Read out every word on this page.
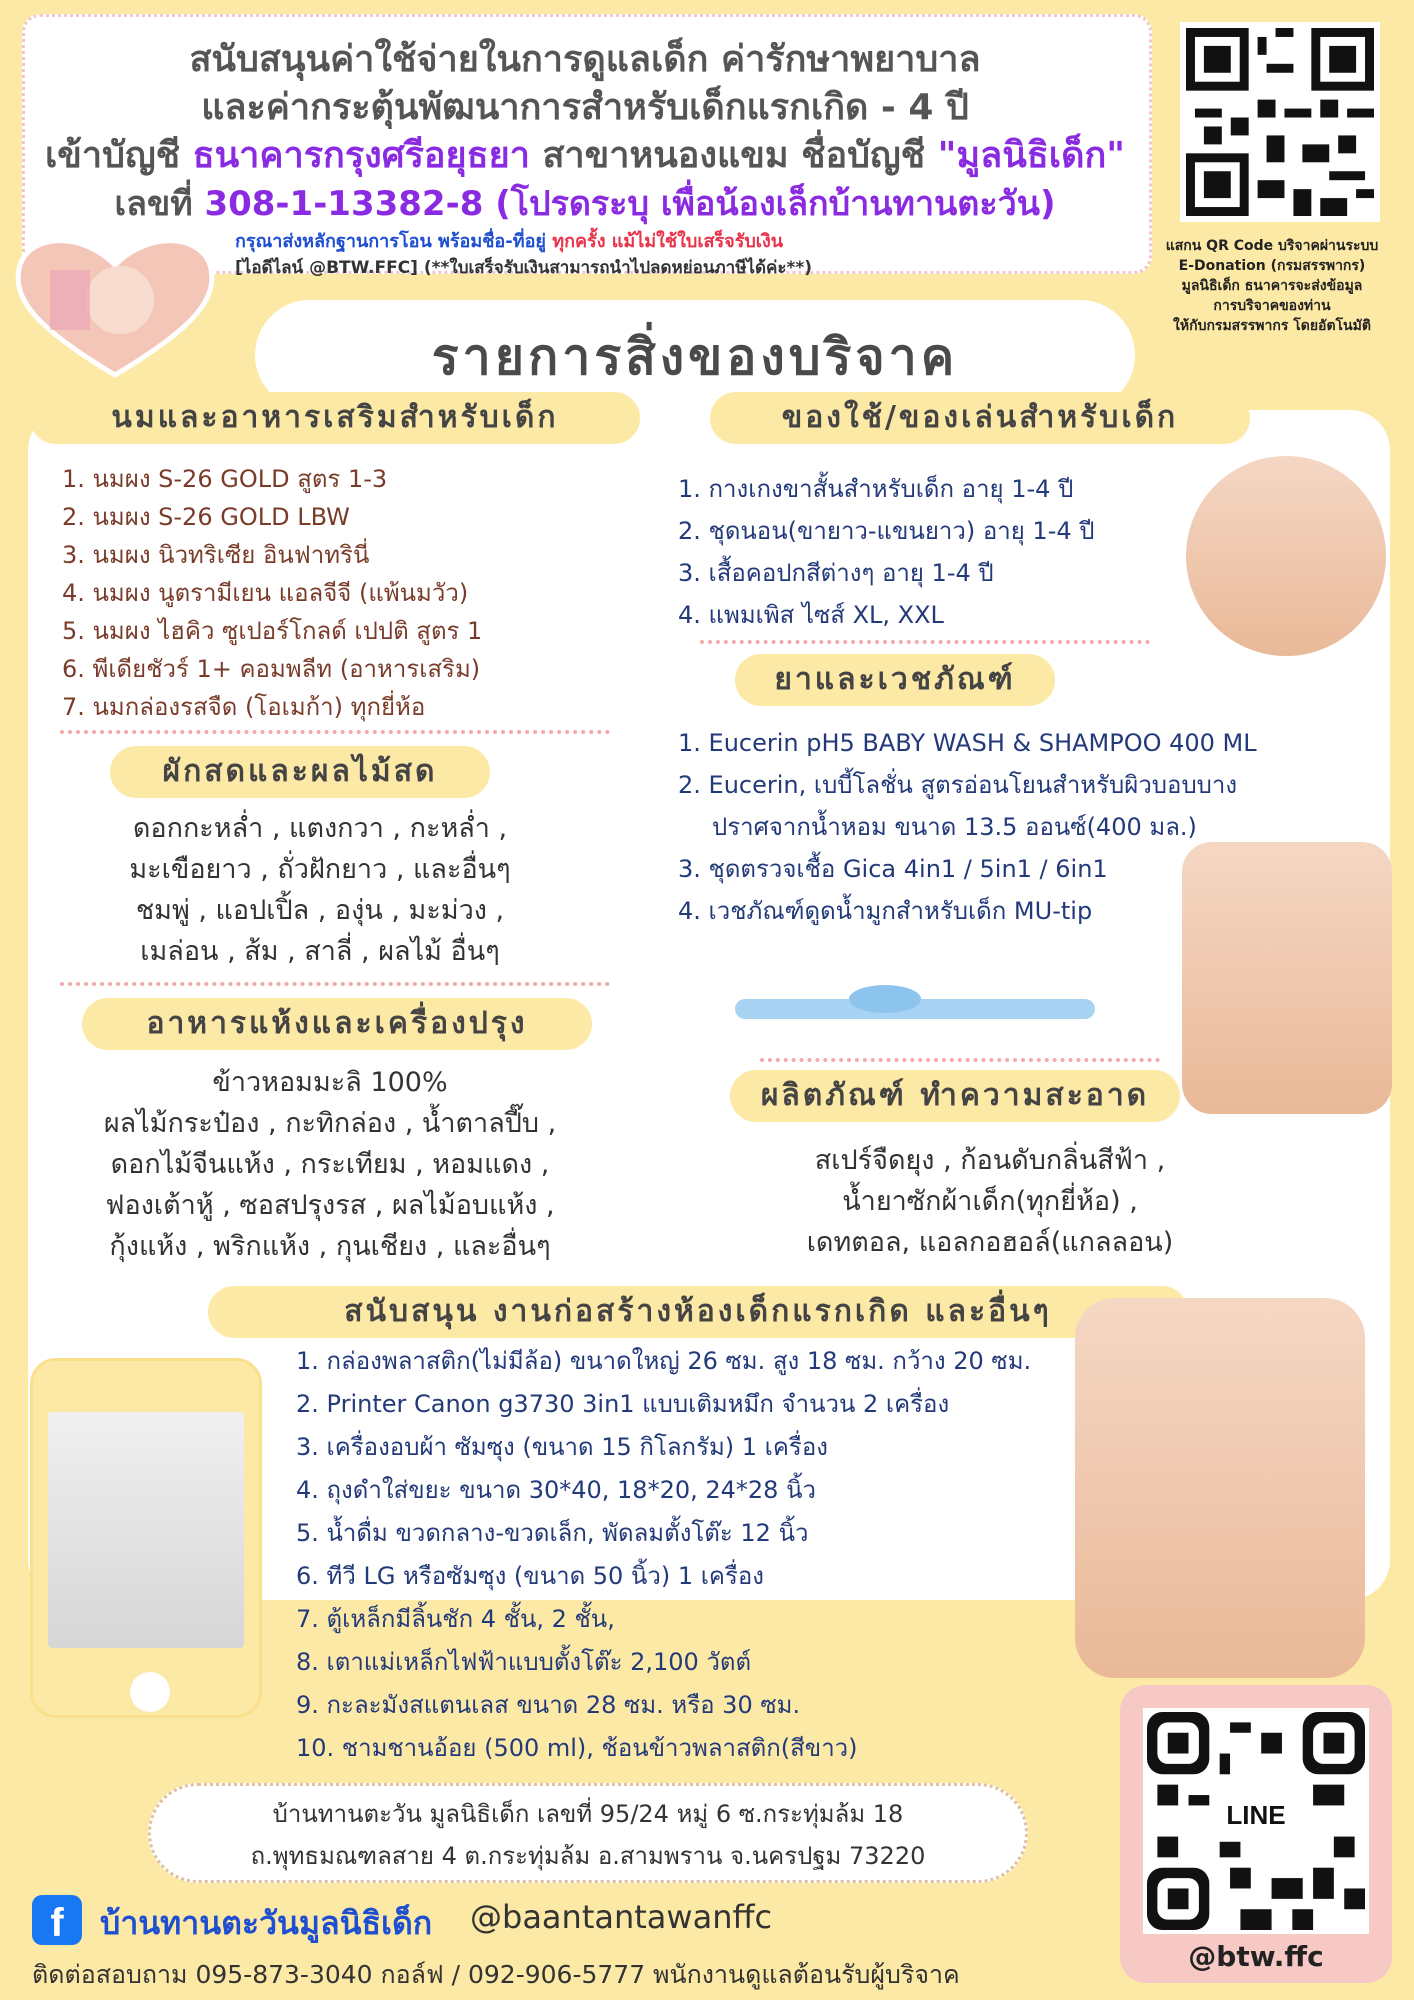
สนับสนุนค่าใช้จ่ายในการดูแลเด็ก ค่ารักษาพยาบาล
และค่ากระตุ้นพัฒนาการสำหรับเด็กแรกเกิด - 4 ปี
เข้าบัญชี ธนาคารกรุงศรีอยุธยา สาขาหนองแขม ชื่อบัญชี "มูลนิธิเด็ก"
เลขที่ 308-1-13382-8 (โปรดระบุ เพื่อน้องเล็กบ้านทานตะวัน)
กรุณาส่งหลักฐานการโอน พร้อมชื่อ-ที่อยู่ ทุกครั้ง แม้ไม่ใช้ใบเสร็จรับเงิน
[ไอดีไลน์ @BTW.FFC] (**ใบเสร็จรับเงินสามารถนำไปลดหย่อนภาษีได้ค่ะ**)
แสกน QR Code บริจาคผ่านระบบ
E-Donation (กรมสรรพากร)
มูลนิธิเด็ก ธนาคารจะส่งข้อมูล
การบริจาคของท่าน
ให้กับกรมสรรพากร โดยอัตโนมัติ
รายการสิ่งของบริจาค
นมและอาหารเสริมสำหรับเด็ก
1. นมผง S-26 GOLD สูตร 1-3
2. นมผง S-26 GOLD LBW
3. นมผง นิวทริเซีย อินฟาทรินี่
4. นมผง นูตรามีเยน แอลจีจี (แพ้นมวัว)
5. นมผง ไฮคิว ซูเปอร์โกลด์ เปปติ สูตร 1
6. พีเดียชัวร์ 1+ คอมพลีท (อาหารเสริม)
7. นมกล่องรสจืด (โอเมก้า) ทุกยี่ห้อ
ผักสดและผลไม้สด
ดอกกะหล่ำ , แตงกวา , กะหล่ำ ,
มะเขือยาว , ถั่วฝักยาว , และอื่นๆ
ชมพู่ , แอปเปิ้ล , องุ่น , มะม่วง ,
เมล่อน , ส้ม , สาลี่ , ผลไม้ อื่นๆ
อาหารแห้งและเครื่องปรุง
ข้าวหอมมะลิ 100%
ผลไม้กระป๋อง , กะทิกล่อง , น้ำตาลปี๊บ ,
ดอกไม้จีนแห้ง , กระเทียม , หอมแดง ,
ฟองเต้าหู้ , ซอสปรุงรส , ผลไม้อบแห้ง ,
กุ้งแห้ง , พริกแห้ง , กุนเชียง , และอื่นๆ
ของใช้/ของเล่นสำหรับเด็ก
1. กางเกงขาสั้นสำหรับเด็ก อายุ 1-4 ปี
2. ชุดนอน(ขายาว-แขนยาว) อายุ 1-4 ปี
3. เสื้อคอปกสีต่างๆ อายุ 1-4 ปี
4. แพมเพิส ไซส์ XL, XXL
ยาและเวชภัณฑ์
1. Eucerin pH5 BABY WASH & SHAMPOO 400 ML
2. Eucerin, เบบี้โลชั่น สูตรอ่อนโยนสำหรับผิวบอบบาง
ปราศจากน้ำหอม ขนาด 13.5 ออนซ์(400 มล.)
3. ชุดตรวจเชื้อ Gica 4in1 / 5in1 / 6in1
4. เวชภัณฑ์ดูดน้ำมูกสำหรับเด็ก MU-tip
ผลิตภัณฑ์ ทำความสะอาด
สเปร์จืดยุง , ก้อนดับกลิ่นสีฟ้า ,
น้ำยาซักผ้าเด็ก(ทุกยี่ห้อ) ,
เดทตอล, แอลกอฮอล์(แกลลอน)
สนับสนุน งานก่อสร้างห้องเด็กแรกเกิด และอื่นๆ
1. กล่องพลาสติก(ไม่มีล้อ) ขนาดใหญ่ 26 ซม. สูง 18 ซม. กว้าง 20 ซม.
2. Printer Canon g3730 3in1 แบบเติมหมึก จำนวน 2 เครื่อง
3. เครื่องอบผ้า ซัมซุง (ขนาด 15 กิโลกรัม) 1 เครื่อง
4. ถุงดำใส่ขยะ ขนาด 30*40, 18*20, 24*28 นิ้ว
5. น้ำดื่ม ขวดกลาง-ขวดเล็ก, พัดลมตั้งโต๊ะ 12 นิ้ว
6. ทีวี LG หรือซัมซุง (ขนาด 50 นิ้ว) 1 เครื่อง
7. ตู้เหล็กมีลิ้นชัก 4 ชั้น, 2 ชั้น,
8. เตาแม่เหล็กไฟฟ้าแบบตั้งโต๊ะ 2,100 วัตต์
9. กะละมังสแตนเลส ขนาด 28 ซม. หรือ 30 ซม.
10. ชามชานอ้อย (500 ml), ช้อนข้าวพลาสติก(สีขาว)
บ้านทานตะวัน มูลนิธิเด็ก เลขที่ 95/24 หมู่ 6 ซ.กระทุ่มล้ม 18
ถ.พุทธมณฑลสาย 4 ต.กระทุ่มล้ม อ.สามพราน จ.นครปฐม 73220
f	บ้านทานตะวันมูลนิธิเด็ก @baantantawanffc
ติดต่อสอบถาม 095-873-3040 กอล์ฟ / 092-906-5777 พนักงานดูแลต้อนรับผู้บริจาค
LINE
@btw.ffc
